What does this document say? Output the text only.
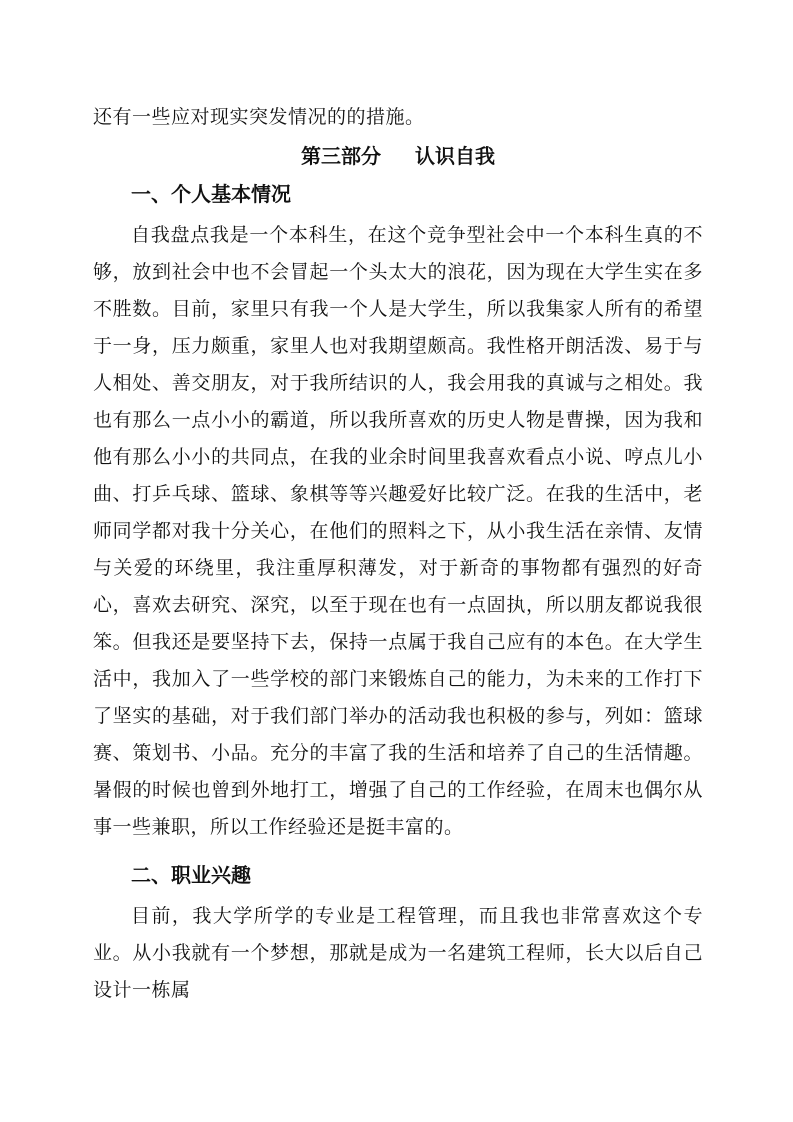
还有一些应对现实突发情况的的措施。

第三部分 认识自我
一、个人基本情况

自我盘点我是一个本科生，在这个竞争型社会中一个本科生真的不够，放到社会中也不会冒起一个头太大的浪花，因为现在大学生实在多不胜数。目前，家里只有我一个人是大学生，所以我集家人所有的希望于一身，压力颇重，家里人也对我期望颇高。我性格开朗活泼、易于与人相处、善交朋友，对于我所结识的人，我会用我的真诚与之相处。我也有那么一点小小的霸道，所以我所喜欢的历史人物是曹操，因为我和他有那么小小的共同点，在我的业余时间里我喜欢看点小说、哼点儿小曲、打乒乓球、篮球、象棋等等兴趣爱好比较广泛。在我的生活中，老师同学都对我十分关心，在他们的照料之下，从小我生活在亲情、友情与关爱的环绕里，我注重厚积薄发，对于新奇的事物都有强烈的好奇心，喜欢去研究、深究，以至于现在也有一点固执，所以朋友都说我很笨。但我还是要坚持下去，保持一点属于我自己应有的本色。在大学生活中，我加入了一些学校的部门来锻炼自己的能力，为未来的工作打下了坚实的基础，对于我们部门举办的活动我也积极的参与，列如：篮球赛、策划书、小品。充分的丰富了我的生活和培养了自己的生活情趣。暑假的时候也曾到外地打工，增强了自己的工作经验，在周末也偶尔从事一些兼职，所以工作经验还是挺丰富的。

二、职业兴趣

目前，我大学所学的专业是工程管理，而且我也非常喜欢这个专业。从小我就有一个梦想，那就是成为一名建筑工程师，长大以后自己设计一栋属
